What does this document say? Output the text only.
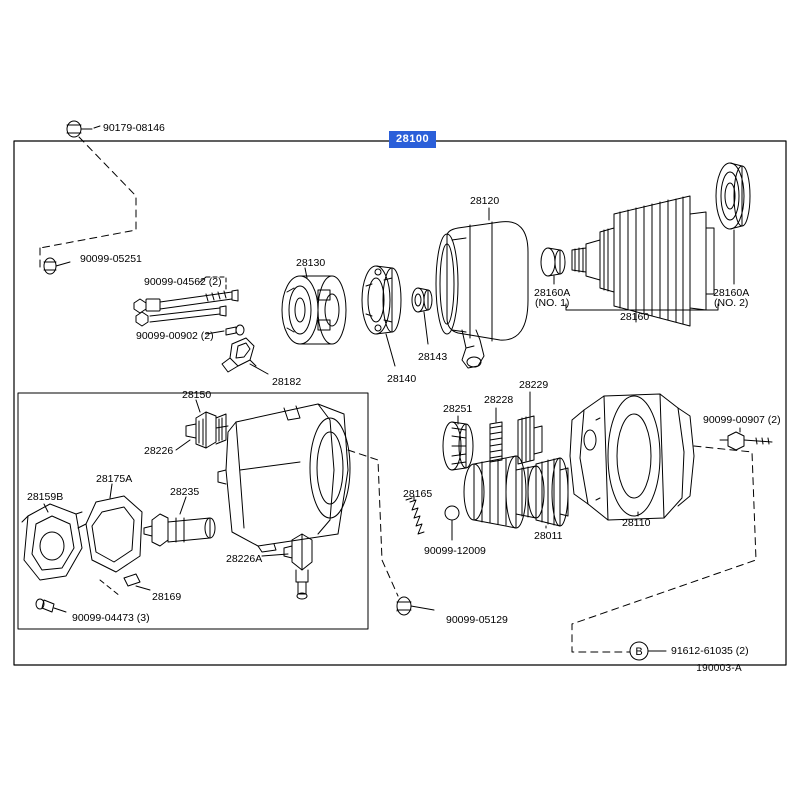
B
90179-08146
28100
28120
90099-05251
90099-04562 (2)
28130
28160A
(NO. 1)
28160A
(NO. 2)
28160
90099-00902 (2)
28143
28182	28140	28229
28150	28228
28251
90099-00907 (2)
28226
28175A
28235	28165
28159B
28110
28011
90099-12009
28226A
28169
90099-04473 (3)	90099-05129
91612-61035 (2)
190003-A
